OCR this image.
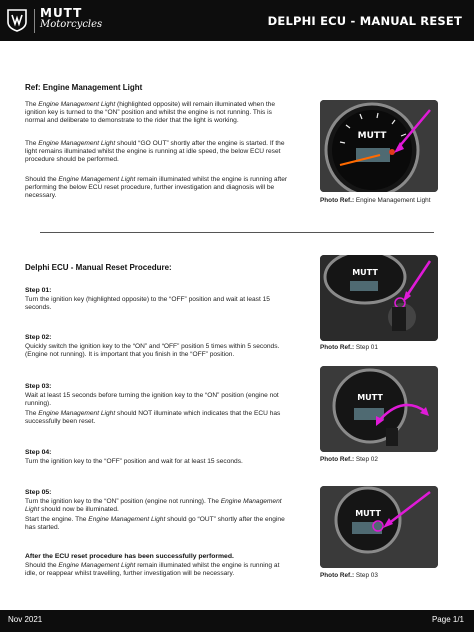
MUTT
Motorcycles	DELPHI ECU - MANUAL RESET
Ref: Engine Management Light
The Engine Management Light (highlighted opposite) will remain illuminated when the ignition key is turned to the “ON” position and whilst the engine is not running. This is normal and deliberate to demonstrate to the rider that the light is working.
The Engine Management Light should “GO OUT” shortly after the engine is started. If the light remains illuminated whilst the engine is running at idle speed, the below ECU reset procedure should be performed.
Should the Engine Management Light remain illuminated whilst the engine is running after performing the below ECU reset procedure, further investigation and diagnosis will be necessary.
MUTT
Photo Ref.: Engine Management Light
Delphi ECU - Manual Reset Procedure:
Step 01:
Turn the ignition key (highlighted opposite) to the “OFF” position and wait at least 15 seconds.
Step 02:
Quickly switch the ignition key to the “ON” and “OFF” position 5 times within 5 seconds. (Engine not running). It is important that you finish in the “OFF” position.
Step 03:
Wait at least 15 seconds before turning the ignition key to the “ON” position (engine not running).
The Engine Management Light should NOT illuminate which indicates that the ECU has successfully been reset.
Step 04:
Turn the ignition key to the “OFF” position and wait for at least 15 seconds.
Step 05:
Turn the ignition key to the “ON” position (engine not running). The Engine Management Light should now be illuminated.
Start the engine. The Engine Management Light should go “OUT” shortly after the engine has started.
After the ECU reset procedure has been successfully performed.
Should the Engine Management Light remain illuminated whilst the engine is running at idle, or reappear whilst travelling, further investigation will be necessary.
MUTT
Photo Ref.: Step 01
MUTT
Photo Ref.: Step 02
MUTT
Photo Ref.: Step 03
Nov 2021	Page 1/1
